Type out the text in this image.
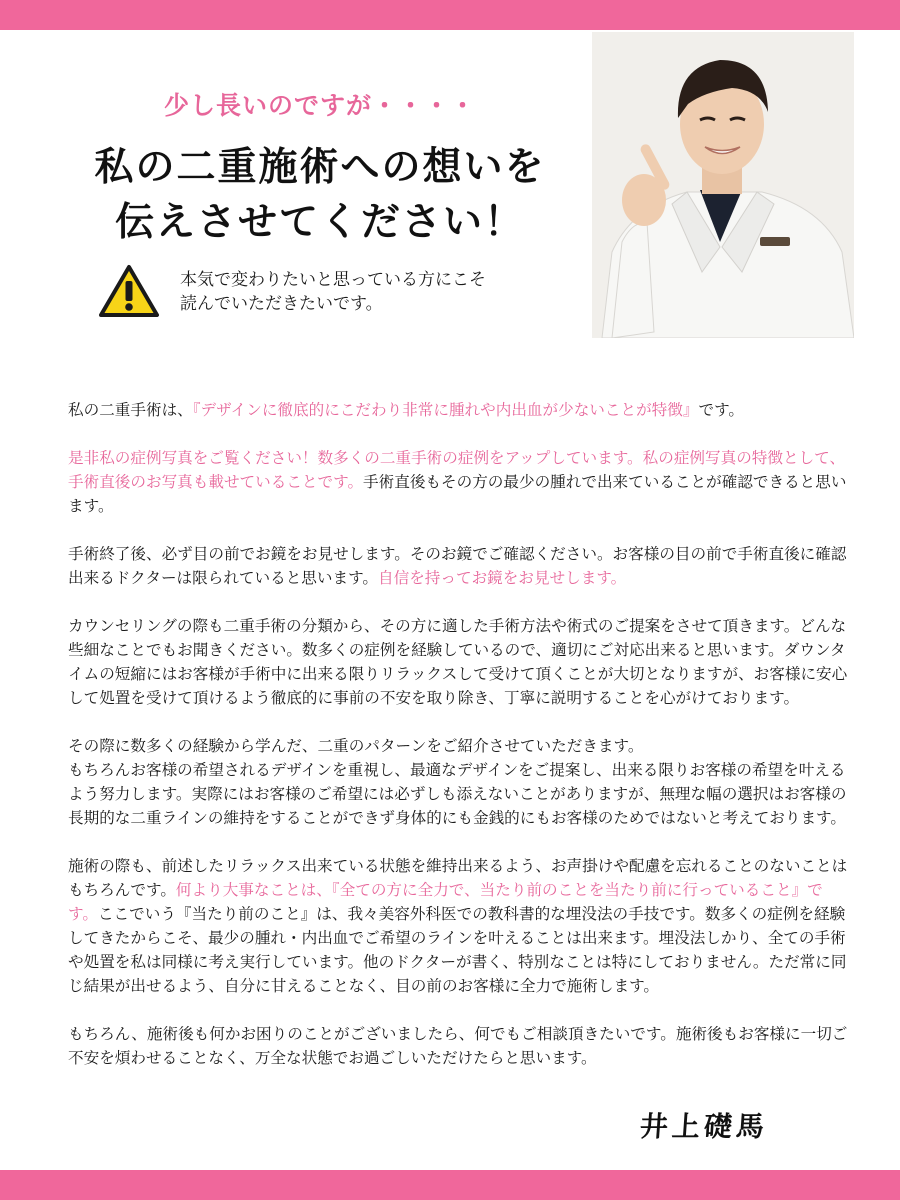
少し長いのですが・・・・
私の二重施術への想いを
伝えさせてください！
本気で変わりたいと思っている方にこそ
読んでいただきたいです。

私の二重手術は、『デザインに徹底的にこだわり非常に腫れや内出血が少ないことが特徴』です。

是非私の症例写真をご覧ください！数多くの二重手術の症例をアップしています。私の症例写真の特徴として、手術直後のお写真も載せていることです。手術直後もその方の最少の腫れで出来ていることが確認できると思います。

手術終了後、必ず目の前でお鏡をお見せします。そのお鏡でご確認ください。お客様の目の前で手術直後に確認出来るドクターは限られていると思います。自信を持ってお鏡をお見せします。

カウンセリングの際も二重手術の分類から、その方に適した手術方法や術式のご提案をさせて頂きます。どんな些細なことでもお聞きください。数多くの症例を経験しているので、適切にご対応出来ると思います。ダウンタイムの短縮にはお客様が手術中に出来る限りリラックスして受けて頂くことが大切となりますが、お客様に安心して処置を受けて頂けるよう徹底的に事前の不安を取り除き、丁寧に説明することを心がけております。

その際に数多くの経験から学んだ、二重のパターンをご紹介させていただきます。
もちろんお客様の希望されるデザインを重視し、最適なデザインをご提案し、出来る限りお客様の希望を叶えるよう努力します。実際にはお客様のご希望には必ずしも添えないことがありますが、無理な幅の選択はお客様の長期的な二重ラインの維持をすることができず身体的にも金銭的にもお客様のためではないと考えております。

施術の際も、前述したリラックス出来ている状態を維持出来るよう、お声掛けや配慮を忘れることのないことはもちろんです。何より大事なことは、『全ての方に全力で、当たり前のことを当たり前に行っていること』です。ここでいう『当たり前のこと』は、我々美容外科医での教科書的な埋没法の手技です。数多くの症例を経験してきたからこそ、最少の腫れ・内出血でご希望のラインを叶えることは出来ます。埋没法しかり、全ての手術や処置を私は同様に考え実行しています。他のドクターが書く、特別なことは特にしておりません。ただ常に同じ結果が出せるよう、自分に甘えることなく、目の前のお客様に全力で施術します。

もちろん、施術後も何かお困りのことがございましたら、何でもご相談頂きたいです。施術後もお客様に一切ご不安を煩わせることなく、万全な状態でお過ごしいただけたらと思います。

井上礎馬
